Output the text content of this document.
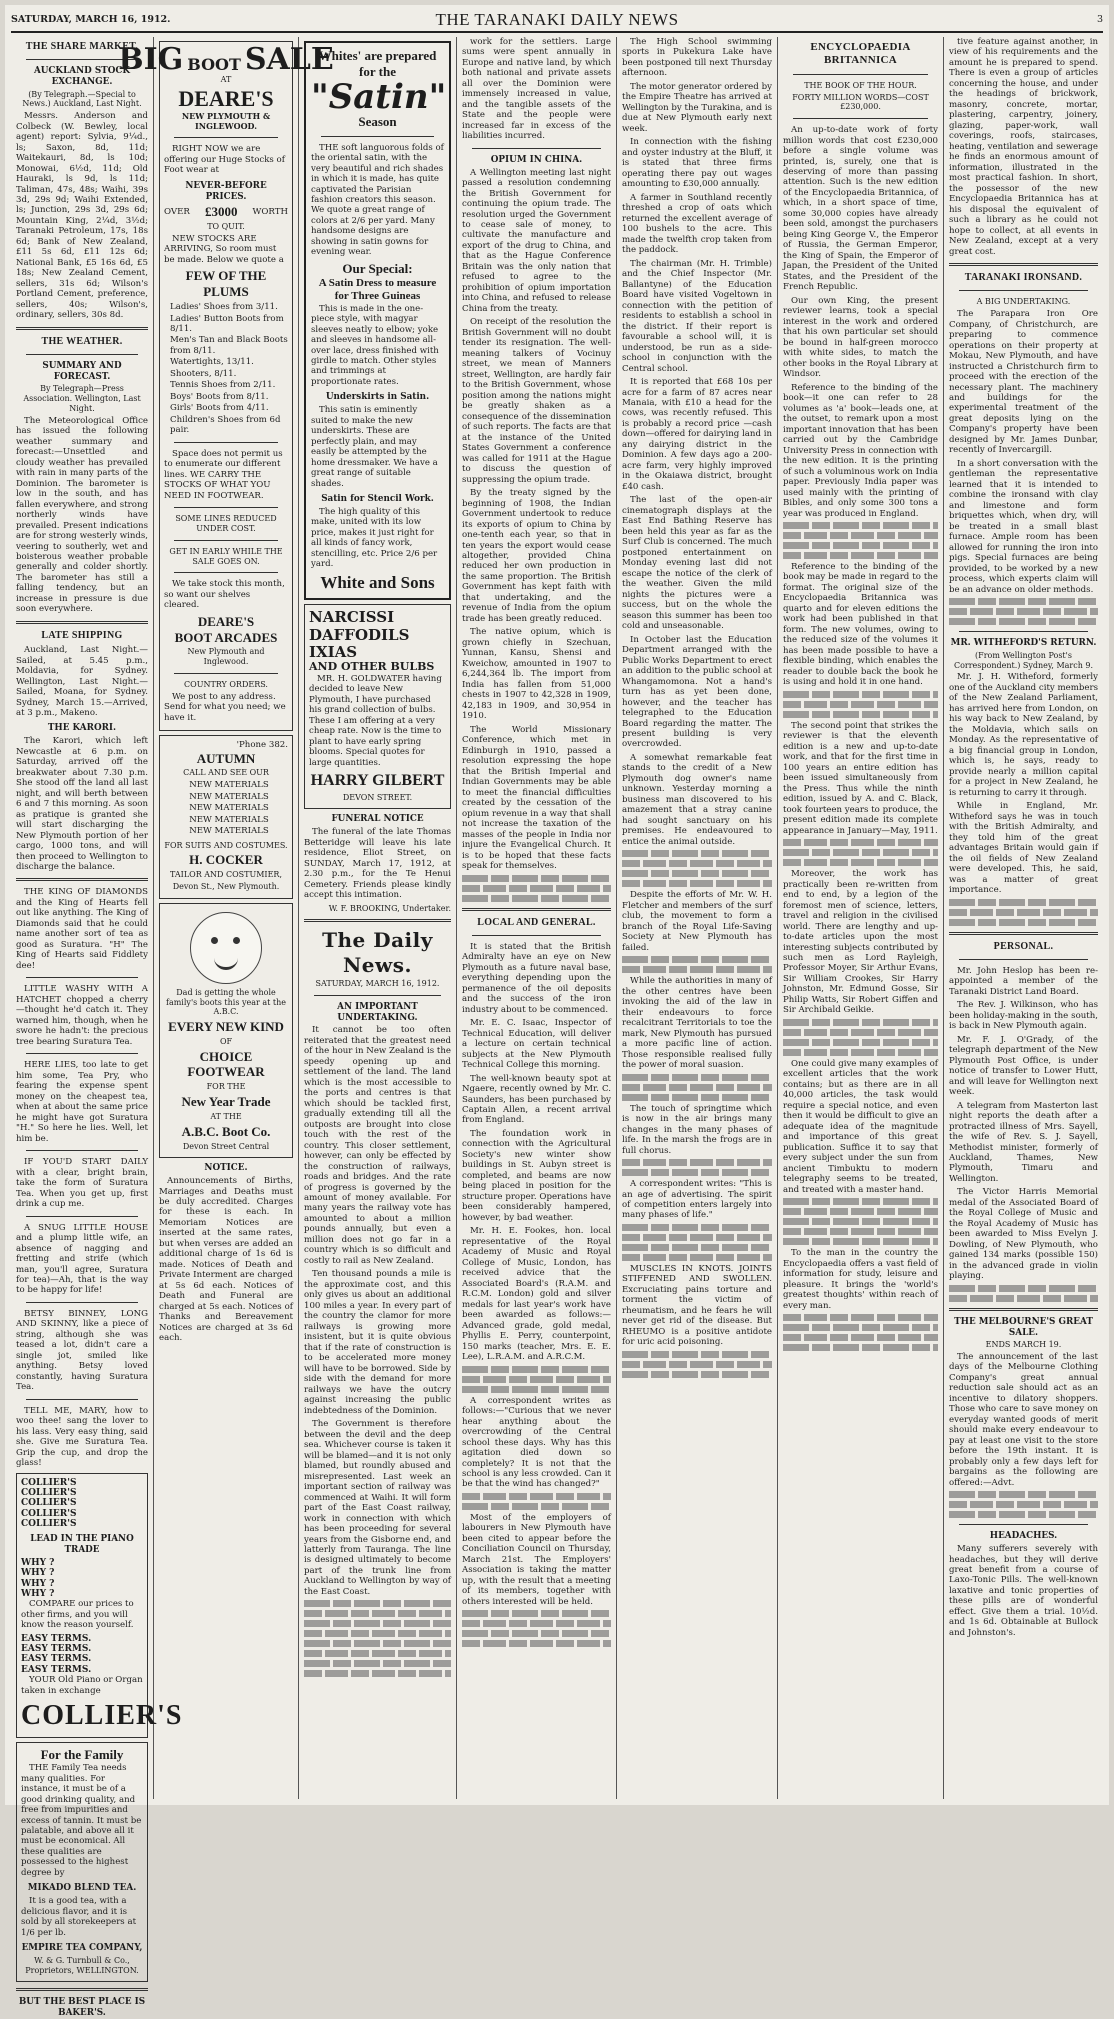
SATURDAY, MARCH 16, 1912.	THE TARANAKI DAILY NEWS	3
THE SHARE MARKET.
AUCKLAND STOCK EXCHANGE.
(By Telegraph.—Special to News.) Auckland, Last Night.

Messrs. Anderson and Colbeck (W. Bewley, local agent) report: Sylvia, 9¼d., ls; Saxon, 8d, 11d; Waitekauri, 8d, ls 10d; Monowai, 6½d, 11d; Old Hauraki, ls 9d, ls 11d; Taliman, 47s, 48s; Waihi, 39s 3d, 29s 9d; Waihi Extended, ls; Junction, 29s 3d, 29s 6d; Mountain King, 2¼d, 3½d; Taranaki Petroleum, 17s, 18s 6d; Bank of New Zealand, £11 5s 6d, £11 12s 6d; National Bank, £5 16s 6d, £5 18s; New Zealand Cement, sellers, 31s 6d; Wilson's Portland Cement, preference, sellers, 40s; Wilson's, ordinary, sellers, 30s 8d.

THE WEATHER.
SUMMARY AND FORECAST.
By Telegraph—Press Association. Wellington, Last Night.

The Meteorological Office has issued the following weather summary and forecast:—Unsettled and cloudy weather has prevailed with rain in many parts of the Dominion. The barometer is low in the south, and has fallen everywhere, and strong northerly winds have prevailed. Present indications are for strong westerly winds, veering to southerly, wet and boisterous weather probable generally and colder shortly. The barometer has still a falling tendency, but an increase in pressure is due soon everywhere.

LATE SHIPPING

Auckland, Last Night.—Sailed, at 5.45 p.m., Moldavia, for Sydney. Wellington, Last Night.—Sailed, Moana, for Sydney. Sydney, March 15.—Arrived, at 3 p.m., Makeno.

THE KARORI.

The Karori, which left Newcastle at 6 p.m. on Saturday, arrived off the breakwater about 7.30 p.m. She stood off the land all last night, and will berth between 6 and 7 this morning. As soon as pratique is granted she will start discharging the New Plymouth portion of her cargo, 1000 tons, and will then proceed to Wellington to discharge the balance.

THE KING OF DIAMONDS and the King of Hearts fell out like anything. The King of Diamonds said that he could name another sort of tea as good as Suratura. "H" The King of Hearts said Fiddlety dee!

LITTLE WASHY WITH A HATCHET chopped a cherry—thought he'd catch it. They warned him, though, when he swore he hadn't: the precious tree bearing Suratura Tea.

HERE LIES, too late to get him some, Tea Pry, who fearing the expense spent money on the cheapest tea, when at about the same price he might have got Suratura "H." So here he lies. Well, let him be.

IF YOU'D START DAILY with a clear, bright brain, take the form of Suratura Tea. When you get up, first drink a cup me.

A SNUG LITTLE HOUSE and a plump little wife, an absence of nagging and fretting and strife (which man, you'll agree, Suratura for tea)—Ah, that is the way to be happy for life!

BETSY BINNEY, LONG AND SKINNY, like a piece of string, although she was teased a lot, didn't care a single jot, smiled like anything. Betsy loved constantly, having Suratura Tea.

TELL ME, MARY, how to woo thee! sang the lover to his lass. Very easy thing, said she. Give me Suratura Tea. Grip the cup, and drop the glass!

COLLIER'S
COLLIER'S
COLLIER'S
COLLIER'S
COLLIER'S
LEAD IN THE PIANO TRADE
WHY ?
WHY ?
WHY ?
WHY ?

COMPARE our prices to other firms, and you will know the reason yourself.

EASY TERMS.
EASY TERMS.
EASY TERMS.
EASY TERMS.

YOUR Old Piano or Organ taken in exchange

COLLIER'S
For the Family

THE Family Tea needs many qualities. For instance, it must be of a good drinking quality, and free from impurities and excess of tannin. It must be palatable, and above all it must be economical. All these qualities are possessed to the highest degree by

MIKADO BLEND TEA.

It is a good tea, with a delicious flavor, and it is sold by all storekeepers at 1/6 per lb.

EMPIRE TEA COMPANY,
W. & G. Turnbull & Co., Proprietors, WELLINGTON.
BUT THE BEST PLACE IS BAKER'S.
BIG BOOT SALE
AT
DEARE'S
NEW PLYMOUTH & INGLEWOOD.

RIGHT NOW we are offering our Huge Stocks of Foot wear at

NEVER-BEFORE PRICES.
OVER £3000 WORTH
TO QUIT.

NEW STOCKS ARE ARRIVING, So room must be made. Below we quote a

FEW OF THE PLUMS
Ladies' Shoes from 3/11.
Ladies' Button Boots from 8/11.
Men's Tan and Black Boots from 8/11.
Watertights, 13/11.
Shooters, 8/11.
Tennis Shoes from 2/11.
Boys' Boots from 8/11.
Girls' Boots from 4/11.
Children's Shoes from 6d pair.

Space does not permit us to enumerate our different lines. WE CARRY THE STOCKS OF WHAT YOU NEED IN FOOTWEAR.

SOME LINES REDUCED UNDER COST.
GET IN EARLY WHILE THE SALE GOES ON.

We take stock this month, so want our shelves cleared.

DEARE'S
BOOT ARCADES
New Plymouth and Inglewood.
COUNTRY ORDERS.

We post to any address. Send for what you need; we have it.

'Phone 382.
AUTUMN
CALL AND SEE OUR
NEW MATERIALS
NEW MATERIALS
NEW MATERIALS
NEW MATERIALS
NEW MATERIALS
FOR SUITS AND COSTUMES.
H. COCKER
TAILOR AND COSTUMIER,
Devon St., New Plymouth.
Dad is getting the whole family's boots this year at the A.B.C.
EVERY NEW KIND
OF
CHOICE FOOTWEAR
FOR THE
New Year Trade
AT THE
A.B.C. Boot Co.
Devon Street Central
NOTICE.

Announcements of Births, Marriages and Deaths must be duly accredited. Charges for these is each. In Memoriam Notices are inserted at the same rates, but when verses are added an additional charge of 1s 6d is made. Notices of Death and Private Interment are charged at 5s 6d each. Notices of Death and Funeral are charged at 5s each. Notices of Thanks and Bereavement Notices are charged at 3s 6d each.

Whites' are prepared for the
"Satin"
Season

THE soft languorous folds of the oriental satin, with the very beautiful and rich shades in which it is made, has quite captivated the Parisian fashion creators this season. We quote a great range of colors at 2/6 per yard. Many handsome designs are showing in satin gowns for evening wear.

Our Special:
A Satin Dress to measure for Three Guineas

This is made in the one-piece style, with magyar sleeves neatly to elbow; yoke and sleeves in handsome all-over lace, dress finished with girdle to match. Other styles and trimmings at proportionate rates.

Underskirts in Satin.

This satin is eminently suited to make the new underskirts. These are perfectly plain, and may easily be attempted by the home dressmaker. We have a great range of suitable shades.

Satin for Stencil Work.

The high quality of this make, united with its low price, makes it just right for all kinds of fancy work, stencilling, etc. Price 2/6 per yard.

White and Sons
NARCISSI
DAFFODILS
IXIAS
AND OTHER BULBS

MR. H. GOLDWATER having decided to leave New Plymouth, I have purchased his grand collection of bulbs. These I am offering at a very cheap rate. Now is the time to plant to have early spring blooms. Special quotes for large quantities.

HARRY GILBERT
DEVON STREET.
FUNERAL NOTICE

The funeral of the late Thomas Betteridge will leave his late residence, Eliot Street, on SUNDAY, March 17, 1912, at 2.30 p.m., for the Te Henui Cemetery. Friends please kindly accept this intimation.

W. F. BROOKING, Undertaker.
The Daily News.
SATURDAY, MARCH 16, 1912.
AN IMPORTANT UNDERTAKING.

It cannot be too often reiterated that the greatest need of the hour in New Zealand is the speedy opening up and settlement of the land. The land which is the most accessible to the ports and centres is that which should be tackled first, gradually extending till all the outposts are brought into close touch with the rest of the country. This closer settlement, however, can only be effected by the construction of railways, roads and bridges. And the rate of progress is governed by the amount of money available. For many years the railway vote has amounted to about a million pounds annually, but even a million does not go far in a country which is so difficult and costly to rail as New Zealand.

Ten thousand pounds a mile is the approximate cost, and this only gives us about an additional 100 miles a year. In every part of the country the clamor for more railways is growing more insistent, but it is quite obvious that if the rate of construction is to be accelerated more money will have to be borrowed. Side by side with the demand for more railways we have the outcry against increasing the public indebtedness of the Dominion.

The Government is therefore between the devil and the deep sea. Whichever course is taken it will be blamed—and it is not only blamed, but roundly abused and misrepresented. Last week an important section of railway was commenced at Waihi. It will form part of the East Coast railway, work in connection with which has been proceeding for several years from the Gisborne end, and latterly from Tauranga. The line is designed ultimately to become part of the trunk line from Auckland to Wellington by way of the East Coast.

work for the settlers. Large sums were spent annually in Europe and native land, by which both national and private assets all over the Dominion were immensely increased in value, and the tangible assets of the State and the people were increased far in excess of the liabilities incurred.

OPIUM IN CHINA.

A Wellington meeting last night passed a resolution condemning the British Government for continuing the opium trade. The resolution urged the Government to cease sale of money, to cultivate the manufacture and export of the drug to China, and that as the Hague Conference Britain was the only nation that refused to agree to the prohibition of opium importation into China, and refused to release China from the treaty.

On receipt of the resolution the British Government will no doubt tender its resignation. The well-meaning talkers of Vocinuy street, we mean of Manners street, Wellington, are hardly fair to the British Government, whose position among the nations might be greatly shaken as a consequence of the dissemination of such reports. The facts are that at the instance of the United States Government a conference was called for 1911 at the Hague to discuss the question of suppressing the opium trade.

By the treaty signed by the beginning of 1908, the Indian Government undertook to reduce its exports of opium to China by one-tenth each year, so that in ten years the export would cease altogether, provided China reduced her own production in the same proportion. The British Government has kept faith with that undertaking, and the revenue of India from the opium trade has been greatly reduced.

The native opium, which is grown chiefly in Szechuan, Yunnan, Kansu, Shensi and Kweichow, amounted in 1907 to 6,244,364 lb. The import from India has fallen from 51,000 chests in 1907 to 42,328 in 1909, 42,183 in 1909, and 30,954 in 1910.

The World Missionary Conference, which met in Edinburgh in 1910, passed a resolution expressing the hope that the British Imperial and Indian Governments may be able to meet the financial difficulties created by the cessation of the opium revenue in a way that shall not increase the taxation of the masses of the people in India nor injure the Evangelical Church. It is to be hoped that these facts speak for themselves.

LOCAL AND GENERAL.

It is stated that the British Admiralty have an eye on New Plymouth as a future naval base, everything depending upon the permanence of the oil deposits and the success of the iron industry about to be commenced.

Mr. E. C. Isaac, Inspector of Technical Education, will deliver a lecture on certain technical subjects at the New Plymouth Technical College this morning.

The well-known beauty spot at Ngaere, recently owned by Mr. C. Saunders, has been purchased by Captain Allen, a recent arrival from England.

The foundation work in connection with the Agricultural Society's new winter show buildings in St. Aubyn street is completed, and beams are now being placed in position for the structure proper. Operations have been considerably hampered, however, by bad weather.

Mr. H. E. Fookes, hon. local representative of the Royal Academy of Music and Royal College of Music, London, has received advice that the Associated Board's (R.A.M. and R.C.M. London) gold and silver medals for last year's work have been awarded as follows:—Advanced grade, gold medal, Phyllis E. Perry, counterpoint, 150 marks (teacher, Mrs. E. E. Lee), L.R.A.M. and A.R.C.M.

A correspondent writes as follows:—"Curious that we never hear anything about the overcrowding of the Central school these days. Why has this agitation died down so completely? It is not that the school is any less crowded. Can it be that the wind has changed?"

Most of the employers of labourers in New Plymouth have been cited to appear before the Conciliation Council on Thursday, March 21st. The Employers' Association is taking the matter up, with the result that a meeting of its members, together with others interested will be held.

The High School swimming sports in Pukekura Lake have been postponed till next Thursday afternoon.

The motor generator ordered by the Empire Theatre has arrived at Wellington by the Turakina, and is due at New Plymouth early next week.

In connection with the fishing and oyster industry at the Bluff, it is stated that three firms operating there pay out wages amounting to £30,000 annually.

A farmer in Southland recently threshed a crop of oats which returned the excellent average of 100 bushels to the acre. This made the twelfth crop taken from the paddock.

The chairman (Mr. H. Trimble) and the Chief Inspector (Mr. Ballantyne) of the Education Board have visited Vogeltown in connection with the petition of residents to establish a school in the district. If their report is favourable a school will, it is understood, be run as a side-school in conjunction with the Central school.

It is reported that £68 10s per acre for a farm of 87 acres near Manaia, with £10 a head for the cows, was recently refused. This is probably a record price —cash down—offered for dairying land in any dairying district in the Dominion. A few days ago a 200-acre farm, very highly improved in the Okaiawa district, brought £40 cash.

The last of the open-air cinematograph displays at the East End Bathing Reserve has been held this year as far as the Surf Club is concerned. The much postponed entertainment on Monday evening last did not escape the notice of the clerk of the weather. Given the mild nights the pictures were a success, but on the whole the season this summer has been too cold and unseasonable.

In October last the Education Department arranged with the Public Works Department to erect an addition to the public school at Whangamomona. Not a hand's turn has as yet been done, however, and the teacher has telegraphed to the Education Board regarding the matter. The present building is very overcrowded.

A somewhat remarkable feat stands to the credit of a New Plymouth dog owner's name unknown. Yesterday morning a business man discovered to his amazement that a stray canine had sought sanctuary on his premises. He endeavoured to entice the animal outside.

Despite the efforts of Mr. W. H. Fletcher and members of the surf club, the movement to form a branch of the Royal Life-Saving Society at New Plymouth has failed.

While the authorities in many of the other centres have been invoking the aid of the law in their endeavours to force recalcitrant Territorials to toe the mark, New Plymouth has pursued a more pacific line of action. Those responsible realised fully the power of moral suasion.

The touch of springtime which is now in the air brings many changes in the many phases of life. In the marsh the frogs are in full chorus.

A correspondent writes: "This is an age of advertising. The spirit of competition enters largely into many phases of life."

MUSCLES IN KNOTS. JOINTS STIFFENED AND SWOLLEN. Excruciating pains torture and torment the victim of rheumatism, and he fears he will never get rid of the disease. But RHEUMO is a positive antidote for uric acid poisoning.

ENCYCLOPAEDIA BRITANNICA
THE BOOK OF THE HOUR.
FORTY MILLION WORDS—COST £230,000.

An up-to-date work of forty million words that cost £230,000 before a single volume was printed, is, surely, one that is deserving of more than passing attention. Such is the new edition of the Encyclopaedia Britannica, of which, in a short space of time, some 30,000 copies have already been sold, amongst the purchasers being King George V., the Emperor of Russia, the German Emperor, the King of Spain, the Emperor of Japan, the President of the United States, and the President of the French Republic.

Our own King, the present reviewer learns, took a special interest in the work and ordered that his own particular set should be bound in half-green morocco with white sides, to match the other books in the Royal Library at Windsor.

Reference to the binding of the book—it one can refer to 28 volumes as 'a' book—leads one, at the outset, to remark upon a most important innovation that has been carried out by the Cambridge University Press in connection with the new edition. It is the printing of such a voluminous work on India paper. Previously India paper was used mainly with the printing of Bibles, and only some 300 tons a year was produced in England.

Reference to the binding of the book may be made in regard to the format. The original size of the Encyclopaedia Britannica was quarto and for eleven editions the work had been published in that form. The new volumes, owing to the reduced size of the volumes it has been made possible to have a flexible binding, which enables the reader to double back the book he is using and hold it in one hand.

The second point that strikes the reviewer is that the eleventh edition is a new and up-to-date work, and that for the first time in 100 years an entire edition has been issued simultaneously from the Press. Thus while the ninth edition, issued by A. and C. Black, took fourteen years to produce, the present edition made its complete appearance in January—May, 1911.

Moreover, the work has practically been re-written from end to end, by a legion of the foremost men of science, letters, travel and religion in the civilised world. There are lengthy and up-to-date articles upon the most interesting subjects contributed by such men as Lord Rayleigh, Professor Moyer, Sir Arthur Evans, Sir William Crookes, Sir Harry Johnston, Mr. Edmund Gosse, Sir Philip Watts, Sir Robert Giffen and Sir Archibald Geikie.

One could give many examples of excellent articles that the work contains; but as there are in all 40,000 articles, the task would require a special notice, and even then it would be difficult to give an adequate idea of the magnitude and importance of this great publication. Suffice it to say that every subject under the sun from ancient Timbuktu to modern telegraphy seems to be treated, and treated with a master hand.

To the man in the country the Encyclopaedia offers a vast field of information for study, leisure and pleasure. It brings the 'world's greatest thoughts' within reach of every man.

tive feature against another, in view of his requirements and the amount he is prepared to spend. There is even a group of articles concerning the house, and under the headings of brickwork, masonry, concrete, mortar, plastering, carpentry, joinery, glazing, paper-work, wall coverings, roofs, staircases, heating, ventilation and sewerage he finds an enormous amount of information, illustrated in the most practical fashion. In short, the possessor of the new Encyclopaedia Britannica has at his disposal the equivalent of such a library as he could not hope to collect, at all events in New Zealand, except at a very great cost.

TARANAKI IRONSAND.
A BIG UNDERTAKING.

The Parapara Iron Ore Company, of Christchurch, are preparing to commence operations on their property at Mokau, New Plymouth, and have instructed a Christchurch firm to proceed with the erection of the necessary plant. The machinery and buildings for the experimental treatment of the great deposits lying on the Company's property have been designed by Mr. James Dunbar, recently of Invercargill.

In a short conversation with the gentleman the representative learned that it is intended to combine the ironsand with clay and limestone and form briquettes which, when dry, will be treated in a small blast furnace. Ample room has been allowed for running the iron into pigs. Special furnaces are being provided, to be worked by a new process, which experts claim will be an advance on older methods.

MR. WITHEFORD'S RETURN.
(From Wellington Post's Correspondent.) Sydney, March 9.

Mr. J. H. Witheford, formerly one of the Auckland city members of the New Zealand Parliament, has arrived here from London, on his way back to New Zealand, by the Moldavia, which sails on Monday. As the representative of a big financial group in London, which is, he says, ready to provide nearly a million capital for a project in New Zealand, he is returning to carry it through.

While in England, Mr. Witheford says he was in touch with the British Admiralty, and they told him of the great advantages Britain would gain if the oil fields of New Zealand were developed. This, he said, was a matter of great importance.

PERSONAL.

Mr. John Heslop has been re-appointed a member of the Taranaki District Land Board.

The Rev. J. Wilkinson, who has been holiday-making in the south, is back in New Plymouth again.

Mr. F. J. O'Grady, of the telegraph department of the New Plymouth Post Office, is under notice of transfer to Lower Hutt, and will leave for Wellington next week.

A telegram from Masterton last night reports the death after a protracted illness of Mrs. Sayell, the wife of Rev. S. J. Sayell, Methodist minister, formerly of Auckland, Thames, New Plymouth, Timaru and Wellington.

The Victor Harris Memorial medal of the Associated Board of the Royal College of Music and the Royal Academy of Music has been awarded to Miss Evelyn J. Dowling, of New Plymouth, who gained 134 marks (possible 150) in the advanced grade in violin playing.

THE MELBOURNE'S GREAT SALE.
ENDS MARCH 19.

The announcement of the last days of the Melbourne Clothing Company's great annual reduction sale should act as an incentive to dilatory shoppers. Those who care to save money on everyday wanted goods of merit should make every endeavour to pay at least one visit to the store before the 19th instant. It is probably only a few days left for bargains as the following are offered:—Advt.

HEADACHES.

Many sufferers severely with headaches, but they will derive great benefit from a course of Laxo-Tonic Pills. The well-known laxative and tonic properties of these pills are of wonderful effect. Give them a trial. 10½d. and 1s 6d. Obtainable at Bullock and Johnston's.
